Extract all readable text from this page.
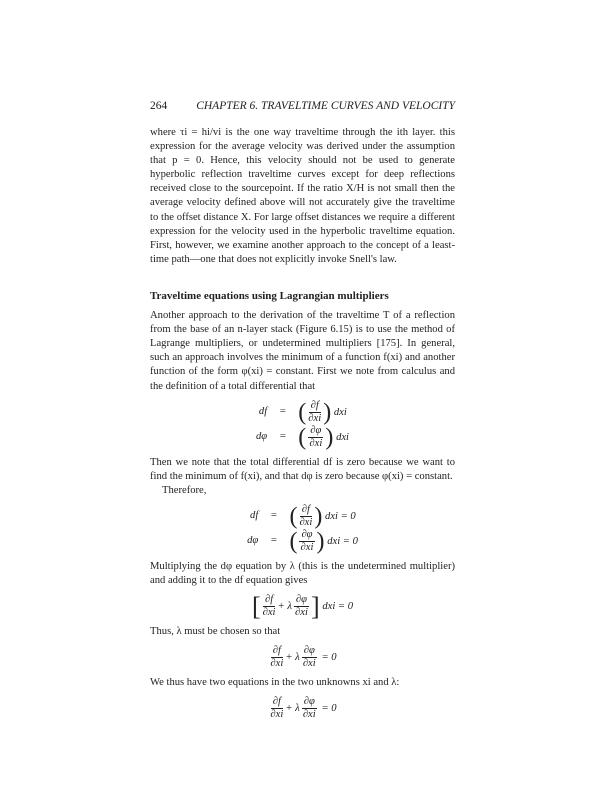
264	CHAPTER 6. TRAVELTIME CURVES AND VELOCITY

where τi = hi/vi is the one way traveltime through the ith layer. this expression for the average velocity was derived under the assumption that p = 0. Hence, this velocity should not be used to generate hyperbolic reflection traveltime curves except for deep reflections received close to the sourcepoint. If the ratio X/H is not small then the average velocity defined above will not accurately give the traveltime to the offset distance X. For large offset distances we require a different expression for the velocity used in the hyperbolic traveltime equation. First, however, we examine another approach to the concept of a least-time path—one that does not explicitly invoke Snell's law.

Traveltime equations using Lagrangian multipliers

Another approach to the derivation of the traveltime T of a reflection from the base of an n-layer stack (Figure 6.15) is to use the method of Lagrange multipliers, or undetermined multipliers [175]. In general, such an approach involves the minimum of a function f(xi) and another function of the form φ(xi) = constant. First we note from calculus and the definition of a total differential that

df = ( $\frac{\partial f}{\partial xi}$ ) dxi
dφ = ( $\frac{\partial\varphi}{\partial xi}$ ) dxi

Then we note that the total differential df is zero because we want to find the minimum of f(xi), and that dφ is zero because φ(xi) = constant.

Therefore,

df = ( $\frac{\partial f}{\partial xi}$ ) dxi = 0
dφ = ( $\frac{\partial\varphi}{\partial xi}$ ) dxi = 0

Multiplying the dφ equation by λ (this is the undetermined multiplier) and adding it to the df equation gives

[ $\frac{\partial f}{\partial xi} + \lambda \frac{\partial\varphi}{\partial xi}$ ]
dxi = 0

Thus, λ must be chosen so that

$\frac{\partial f}{\partial xi} + \lambda \frac{\partial\varphi}{\partial xi}$
= 0

We thus have two equations in the two unknowns xi and λ:

$\frac{\partial f}{\partial xi} + \lambda \frac{\partial\varphi}{\partial xi}$
= 0
